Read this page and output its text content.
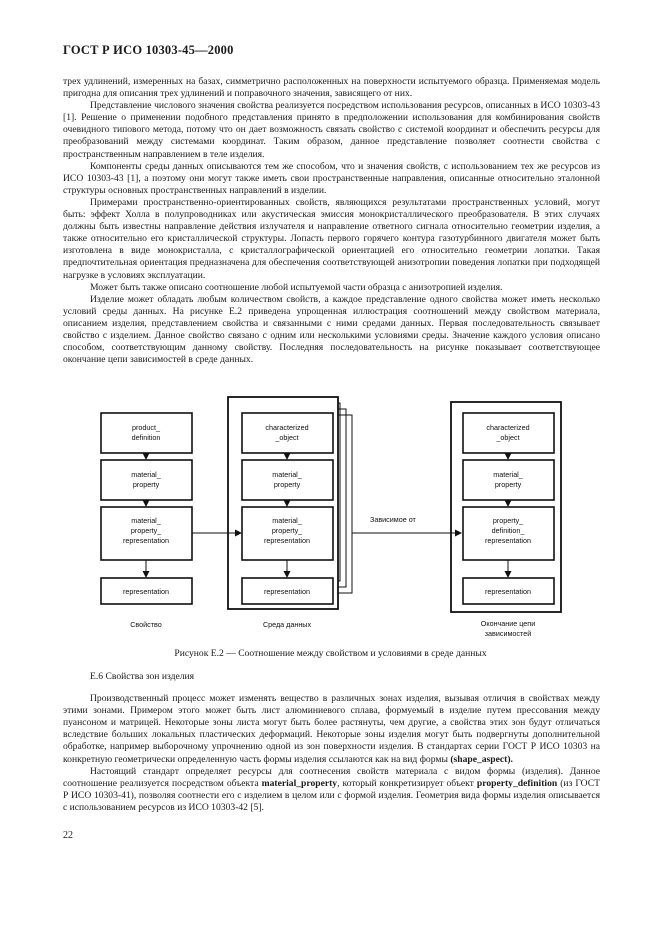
ГОСТ Р ИСО 10303-45—2000

трех удлинений, измеренных на базах, симметрично расположенных на поверхности испытуемого образца. Применяемая модель пригодна для описания трех удлинений и поправочного значения, зависящего от них.

Представление числового значения свойства реализуется посредством использования ресурсов, описанных в ИСО 10303-43 [1]. Решение о применении подобного представления принято в предположении использования для комбинирования свойств очевидного типового метода, потому что он дает возможность связать свойство с системой координат и обеспечить ресурсы для преобразований между системами координат. Таким образом, данное представление позволяет соотнести свойства с пространственным направлением в теле изделия.

Компоненты среды данных описываются тем же способом, что и значения свойств, с использованием тех же ресурсов из ИСО 10303-43 [1], а поэтому они могут также иметь свои пространственные направления, описанные относительно эталонной структуры основных пространственных направлений в изделии.

Примерами пространственно-ориентированных свойств, являющихся результатами пространственных условий, могут быть: эффект Холла в полупроводниках или акустическая эмиссия монокристаллического преобразователя. В этих случаях должны быть известны направление действия излучателя и направление ответного сигнала относительно геометрии изделия, а также относительно его кристаллической структуры. Лопасть первого горячего контура газотурбинного двигателя может быть изготовлена в виде монокристалла, с кристаллографической ориентацией его относительно геометрии лопатки. Такая предпочтительная ориентация предназначена для обеспечения соответствующей анизотропии поведения лопатки при подходящей нагрузке в условиях эксплуатации.

Может быть также описано соотношение любой испытуемой части образца с анизотропией изделия.

Изделие может обладать любым количеством свойств, а каждое представление одного свойства может иметь несколько условий среды данных. На рисунке Е.2 приведена упрощенная иллюстрация соотношений между свойством материала, описанием изделия, представлением свойства и связанными с ними средами данных. Первая последовательность связывает свойство с изделием. Данное свойство связано с одним или несколькими условиями среды. Значение каждого условия описано способом, соответствующим данному свойству. Последняя последовательность на рисунке показывает соответствующее окончание цепи зависимостей в среде данных.

product_
definition
material_
property
material_
property_
representation
representation
characterized
_object
material_
property
material_
property_
representation
representation
characterized
_object
material_
property
property_
definition_
representation
representation
Зависимое от
Свойство	Среда данных	Окончание цепи
зависимостей
Рисунок Е.2 — Соотношение между свойством и условиями в среде данных

Е.6 Свойства зон изделия

Производственный процесс может изменять вещество в различных зонах изделия, вызывая отличия в свойствах между этими зонами. Примером этого может быть лист алюминиевого сплава, формуемый в изделие путем прессования между пуансоном и матрицей. Некоторые зоны листа могут быть более растянуты, чем другие, а свойства этих зон будут отличаться вследствие больших локальных пластических деформаций. Некоторые зоны изделия могут быть подвергнуты дополнительной обработке, например выборочному упрочнению одной из зон поверхности изделия. В стандартах серии ГОСТ Р ИСО 10303 на конкретную геометрически определенную часть формы изделия ссылаются как на вид формы (shape_aspect).

Настоящий стандарт определяет ресурсы для соотнесения свойств материала с видом формы (изделия). Данное соотношение реализуется посредством объекта material_property, который конкретизирует объект property_definition (из ГОСТ Р ИСО 10303-41), позволяя соотнести его с изделием в целом или с формой изделия. Геометрия вида формы изделия описывается с использованием ресурсов из ИСО 10303-42 [5].

22
